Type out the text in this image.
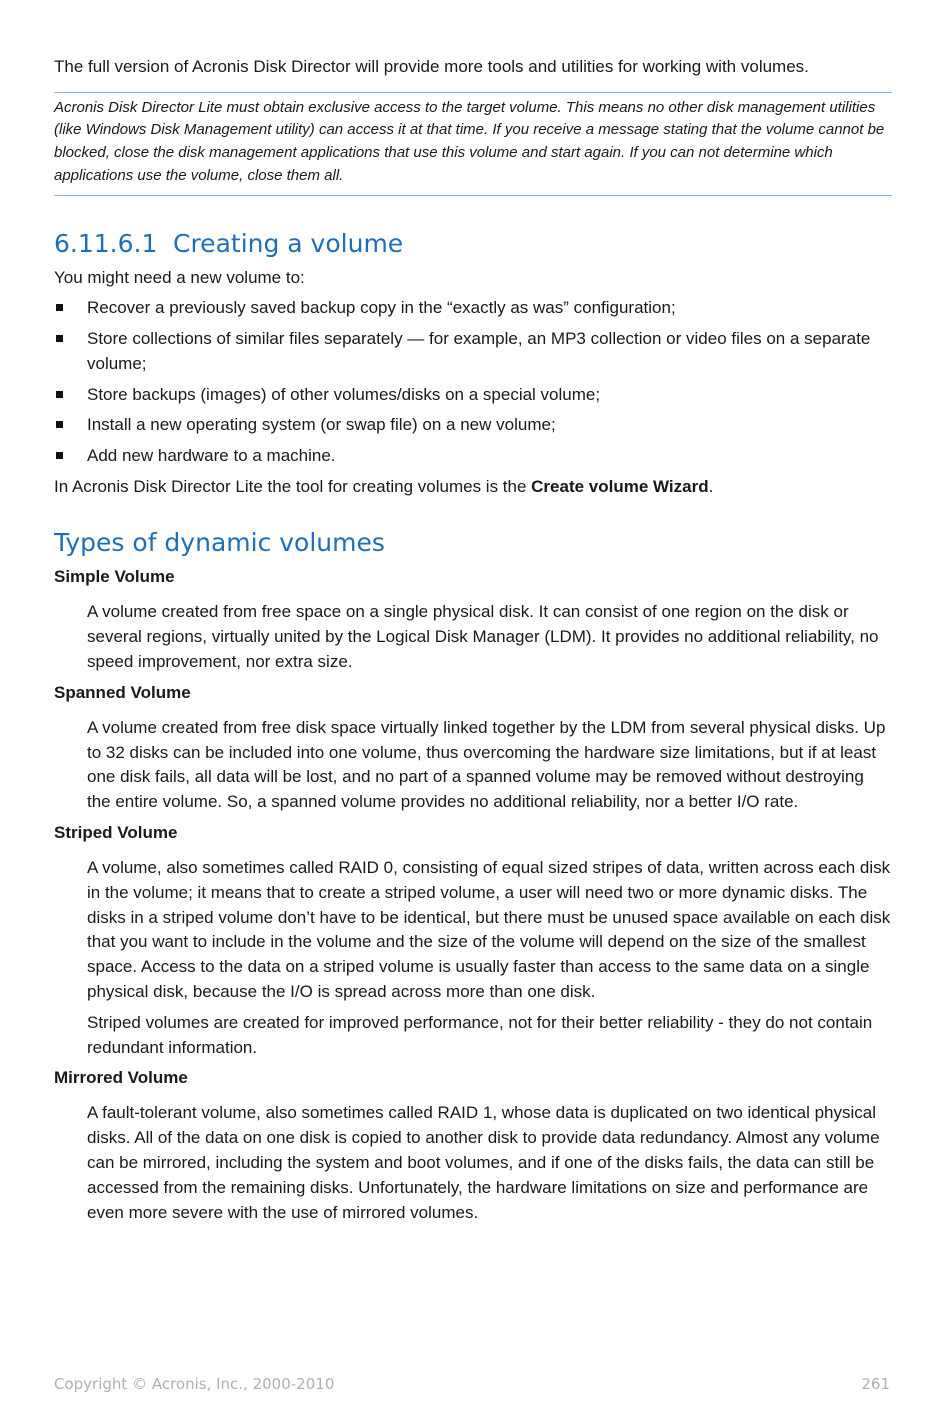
The full version of Acronis Disk Director will provide more tools and utilities for working with volumes.

Acronis Disk Director Lite must obtain exclusive access to the target volume. This means no other disk management utilities (like Windows Disk Management utility) can access it at that time. If you receive a message stating that the volume cannot be blocked, close the disk management applications that use this volume and start again. If you can not determine which applications use the volume, close them all.
6.11.6.1 Creating a volume

You might need a new volume to:

Recover a previously saved backup copy in the “exactly as was” configuration;
Store collections of similar files separately — for example, an MP3 collection or video files on a separate volume;
Store backups (images) of other volumes/disks on a special volume;
Install a new operating system (or swap file) on a new volume;
Add new hardware to a machine.

In Acronis Disk Director Lite the tool for creating volumes is the Create volume Wizard.

Types of dynamic volumes

Simple Volume

A volume created from free space on a single physical disk. It can consist of one region on the disk or several regions, virtually united by the Logical Disk Manager (LDM). It provides no additional reliability, no speed improvement, nor extra size.

Spanned Volume

A volume created from free disk space virtually linked together by the LDM from several physical disks. Up to 32 disks can be included into one volume, thus overcoming the hardware size limitations, but if at least one disk fails, all data will be lost, and no part of a spanned volume may be removed without destroying the entire volume. So, a spanned volume provides no additional reliability, nor a better I/O rate.

Striped Volume

A volume, also sometimes called RAID 0, consisting of equal sized stripes of data, written across each disk in the volume; it means that to create a striped volume, a user will need two or more dynamic disks. The disks in a striped volume don’t have to be identical, but there must be unused space available on each disk that you want to include in the volume and the size of the volume will depend on the size of the smallest space. Access to the data on a striped volume is usually faster than access to the same data on a single physical disk, because the I/O is spread across more than one disk.

Striped volumes are created for improved performance, not for their better reliability - they do not contain redundant information.

Mirrored Volume

A fault-tolerant volume, also sometimes called RAID 1, whose data is duplicated on two identical physical disks. All of the data on one disk is copied to another disk to provide data redundancy. Almost any volume can be mirrored, including the system and boot volumes, and if one of the disks fails, the data can still be accessed from the remaining disks. Unfortunately, the hardware limitations on size and performance are even more severe with the use of mirrored volumes.

Copyright © Acronis, Inc., 2000-2010	261
